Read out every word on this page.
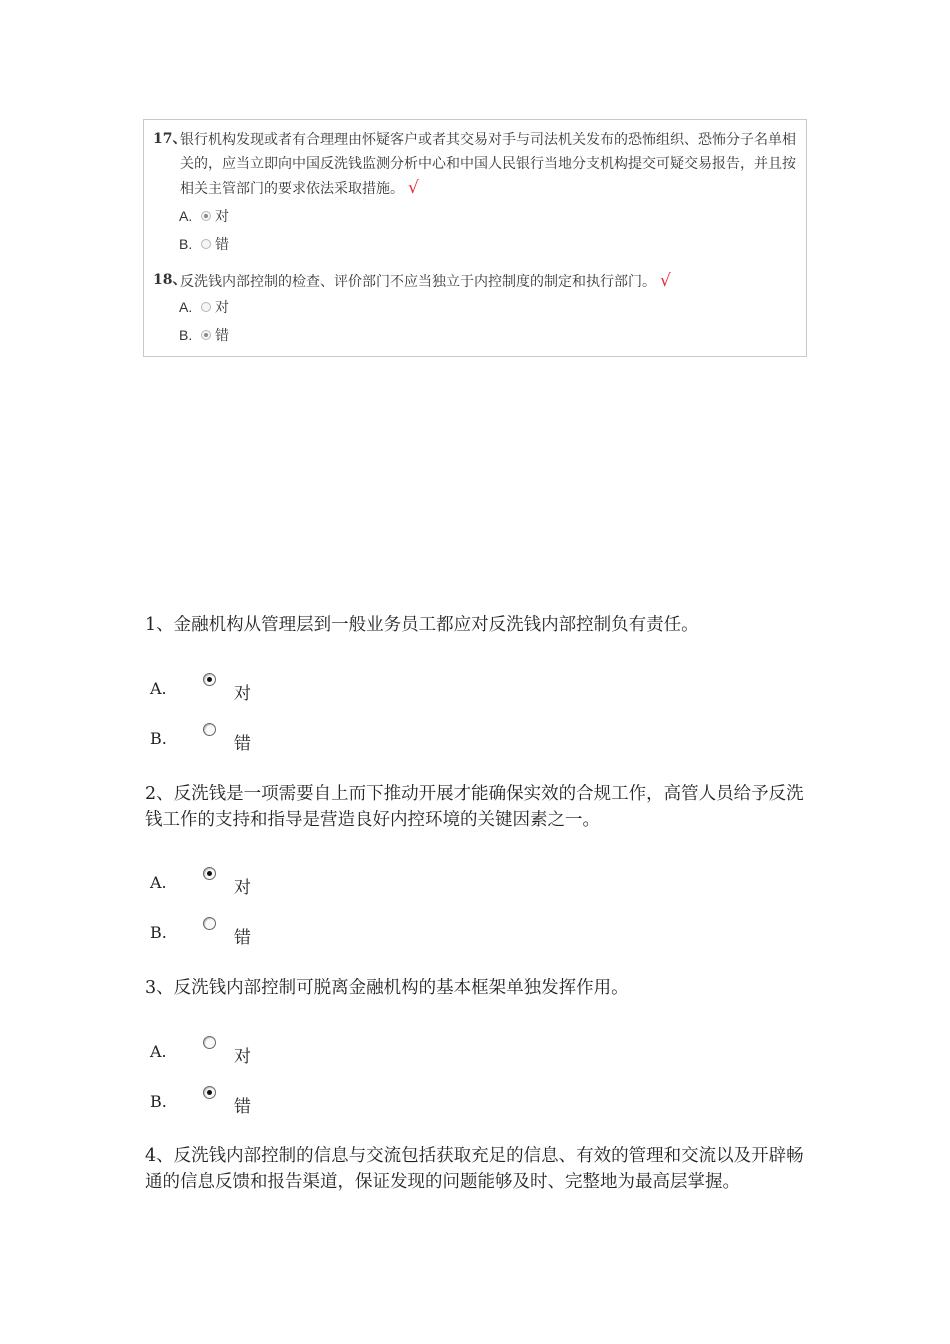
17、
银行机构发现或者有合理理由怀疑客户或者其交易对手与司法机关发布的恐怖组织、恐怖分子名单相关的，应当立即向中国反洗钱监测分析中心和中国人民银行当地分支机构提交可疑交易报告，并且按相关主管部门的要求依法采取措施。 √
A.	对
B.	错
18、
反洗钱内部控制的检查、评价部门不应当独立于内控制度的制定和执行部门。 √
A.	对
B.	错
1、金融机构从管理层到一般业务员工都应对反洗钱内部控制负有责任。
A.	对
B.	错
2、反洗钱是一项需要自上而下推动开展才能确保实效的合规工作，高管人员给予反洗钱工作的支持和指导是营造良好内控环境的关键因素之一。
A.	对
B.	错
3、反洗钱内部控制可脱离金融机构的基本框架单独发挥作用。
A.	对
B.	错
4、反洗钱内部控制的信息与交流包括获取充足的信息、有效的管理和交流以及开辟畅通的信息反馈和报告渠道，保证发现的问题能够及时、完整地为最高层掌握。
